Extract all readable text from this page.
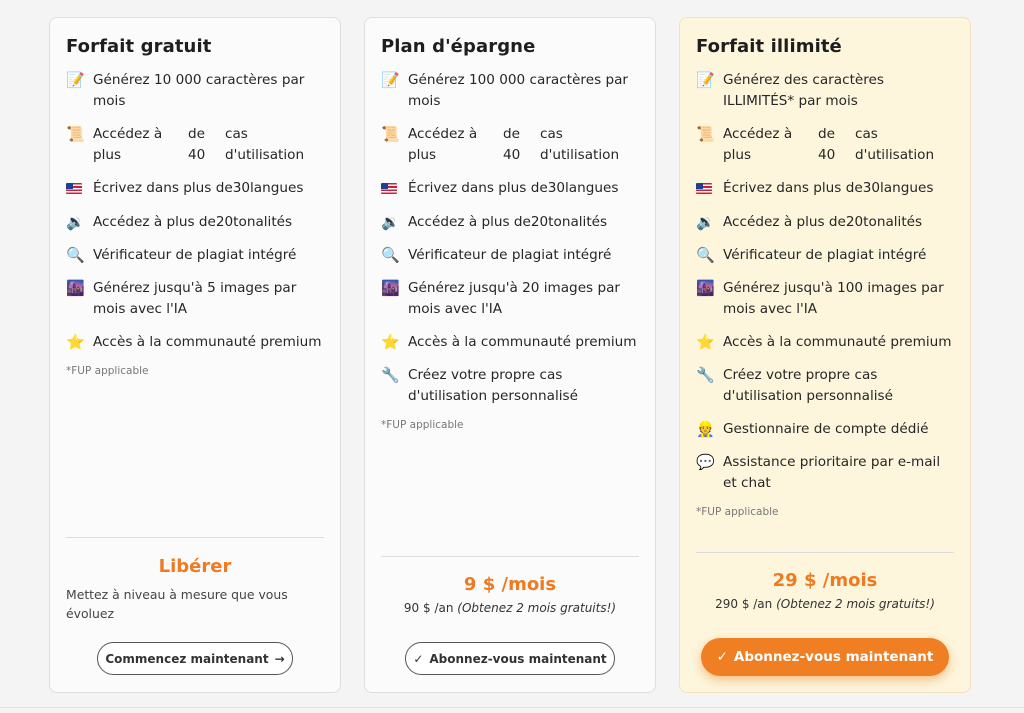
Forfait gratuit
📝 Générez 10 000 caractères par mois
📜 Accédez à plus
de 40
cas d'utilisation
Écrivez dans plus de30langues
🔉 Accédez à plus de20tonalités
🔍 Vérificateur de plagiat intégré
🌆 Générez jusqu'à 5 images par mois avec l'IA
⭐ Accès à la communauté premium
*FUP applicable
Libérer
Mettez à niveau à mesure que vous évoluez
Commencez maintenant →
Plan d'épargne
📝 Générez 100 000 caractères par mois
📜 Accédez à plus
de 40
cas d'utilisation
Écrivez dans plus de30langues
🔉 Accédez à plus de20tonalités
🔍 Vérificateur de plagiat intégré
🌆 Générez jusqu'à 20 images par mois avec l'IA
⭐ Accès à la communauté premium
🔧 Créez votre propre cas d'utilisation personnalisé
*FUP applicable
9 $ /mois
90 $ /an (Obtenez 2 mois gratuits!)
✓ Abonnez-vous maintenant
Forfait illimité
📝 Générez des caractères ILLIMITÉS* par mois
📜 Accédez à plus
de 40
cas d'utilisation
Écrivez dans plus de30langues
🔉 Accédez à plus de20tonalités
🔍 Vérificateur de plagiat intégré
🌆 Générez jusqu'à 100 images par mois avec l'IA
⭐ Accès à la communauté premium
🔧 Créez votre propre cas d'utilisation personnalisé
👷 Gestionnaire de compte dédié
💬 Assistance prioritaire par e-mail et chat
*FUP applicable
29 $ /mois
290 $ /an (Obtenez 2 mois gratuits!)
✓ Abonnez-vous maintenant
